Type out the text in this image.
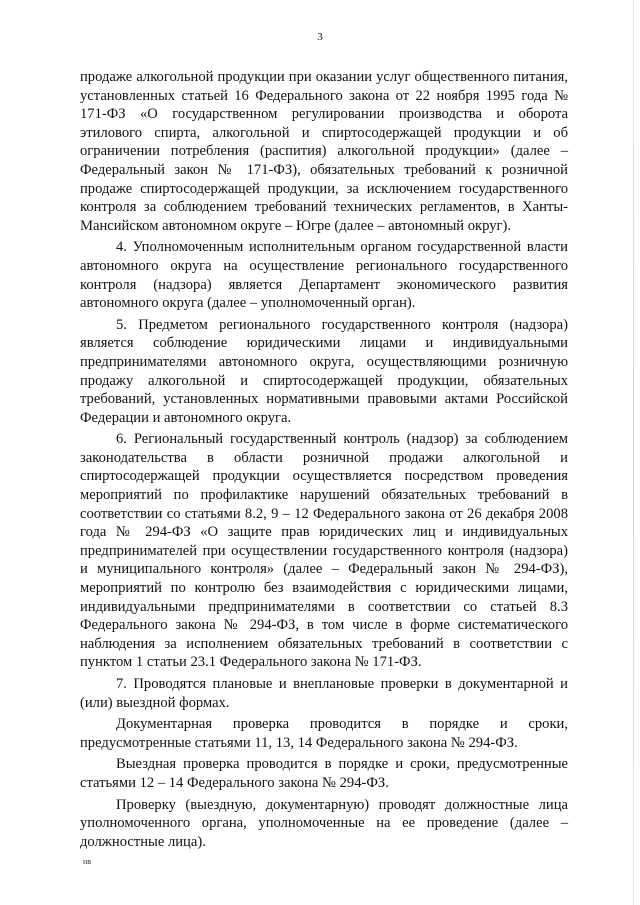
3

продаже алкогольной продукции при оказании услуг общественного питания, установленных статьей 16 Федерального закона от 22 ноября 1995 года № 171-ФЗ «О государственном регулировании производства и оборота этилового спирта, алкогольной и спиртосодержащей продукции и об ограничении потребления (распития) алкогольной продукции» (далее – Федеральный закон № 171-ФЗ), обязательных требований к розничной продаже спиртосодержащей продукции, за исключением государственного контроля за соблюдением требований технических регламентов, в Ханты-Мансийском автономном округе – Югре (далее – автономный округ).

4. Уполномоченным исполнительным органом государственной власти автономного округа на осуществление регионального государственного контроля (надзора) является Департамент экономического развития автономного округа (далее – уполномоченный орган).

5. Предметом регионального государственного контроля (надзора) является соблюдение юридическими лицами и индивидуальными предпринимателями автономного округа, осуществляющими розничную продажу алкогольной и спиртосодержащей продукции, обязательных требований, установленных нормативными правовыми актами Российской Федерации и автономного округа.

6. Региональный государственный контроль (надзор) за соблюдением законодательства в области розничной продажи алкогольной и спиртосодержащей продукции осуществляется посредством проведения мероприятий по профилактике нарушений обязательных требований в соответствии со статьями 8.2, 9 – 12 Федерального закона от 26 декабря 2008 года № 294-ФЗ «О защите прав юридических лиц и индивидуальных предпринимателей при осуществлении государственного контроля (надзора) и муниципального контроля» (далее – Федеральный закон № 294-ФЗ), мероприятий по контролю без взаимодействия с юридическими лицами, индивидуальными предпринимателями в соответствии со статьей 8.3 Федерального закона № 294-ФЗ, в том числе в форме систематического наблюдения за исполнением обязательных требований в соответствии с пунктом 1 статьи 23.1 Федерального закона № 171-ФЗ.

7. Проводятся плановые и внеплановые проверки в документарной и (или) выездной формах.

Документарная проверка проводится в порядке и сроки, предусмотренные статьями 11, 13, 14 Федерального закона № 294-ФЗ.

Выездная проверка проводится в порядке и сроки, предусмотренные статьями 12 – 14 Федерального закона № 294-ФЗ.

Проверку (выездную, документарную) проводят должностные лица уполномоченного органа, уполномоченные на ее проведение (далее – должностные лица).

нв
